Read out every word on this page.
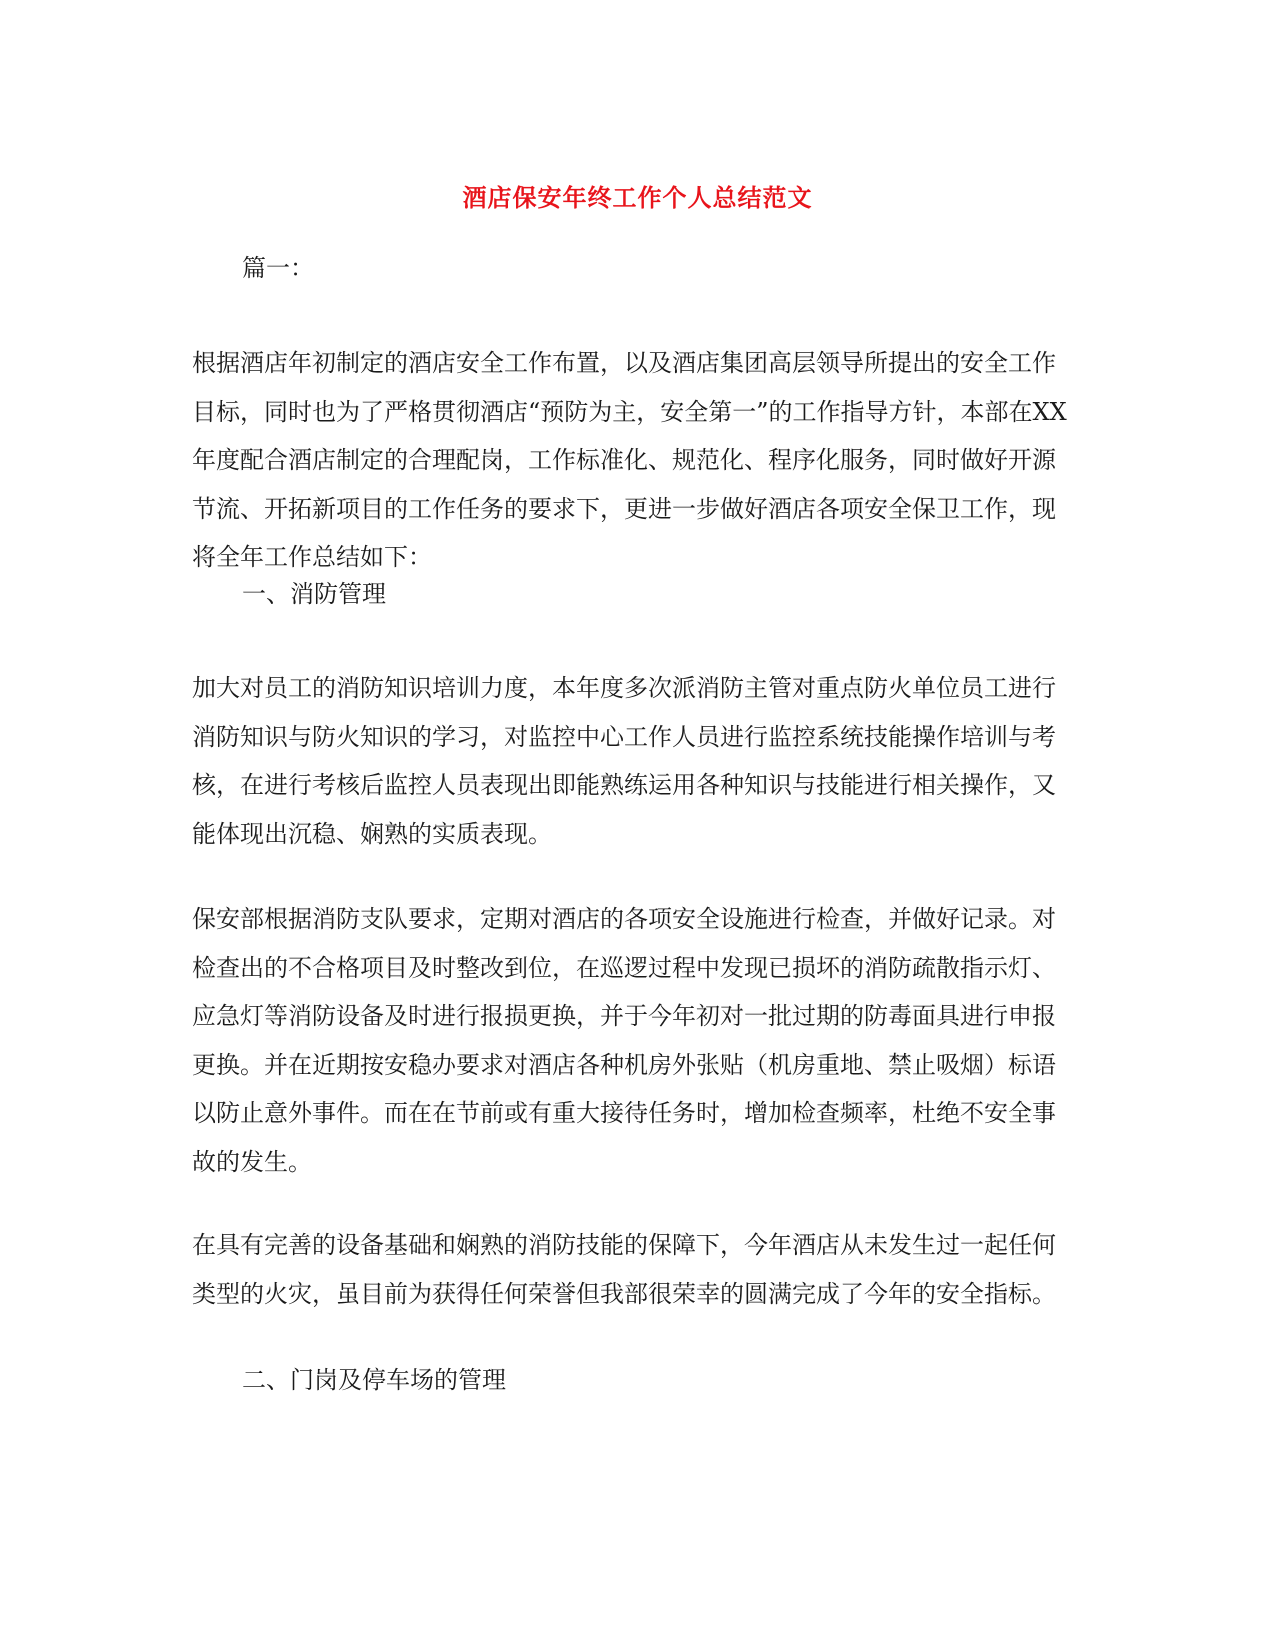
酒店保安年终工作个人总结范文

篇一：

根据酒店年初制定的酒店安全工作布置，以及酒店集团高层领导所提出的安全工作目标，同时也为了严格贯彻酒店“预防为主，安全第一”的工作指导方针，本部在XX年度配合酒店制定的合理配岗，工作标准化、规范化、程序化服务，同时做好开源节流、开拓新项目的工作任务的要求下，更进一步做好酒店各项安全保卫工作，现将全年工作总结如下：

一、消防管理

加大对员工的消防知识培训力度，本年度多次派消防主管对重点防火单位员工进行消防知识与防火知识的学习，对监控中心工作人员进行监控系统技能操作培训与考核，在进行考核后监控人员表现出即能熟练运用各种知识与技能进行相关操作，又能体现出沉稳、娴熟的实质表现。

保安部根据消防支队要求，定期对酒店的各项安全设施进行检查，并做好记录。对检查出的不合格项目及时整改到位，在巡逻过程中发现已损坏的消防疏散指示灯、应急灯等消防设备及时进行报损更换，并于今年初对一批过期的防毒面具进行申报更换。并在近期按安稳办要求对酒店各种机房外张贴（机房重地、禁止吸烟）标语以防止意外事件。而在在节前或有重大接待任务时，增加检查频率，杜绝不安全事故的发生。

在具有完善的设备基础和娴熟的消防技能的保障下，今年酒店从未发生过一起任何类型的火灾，虽目前为获得任何荣誉但我部很荣幸的圆满完成了今年的安全指标。

二、门岗及停车场的管理
